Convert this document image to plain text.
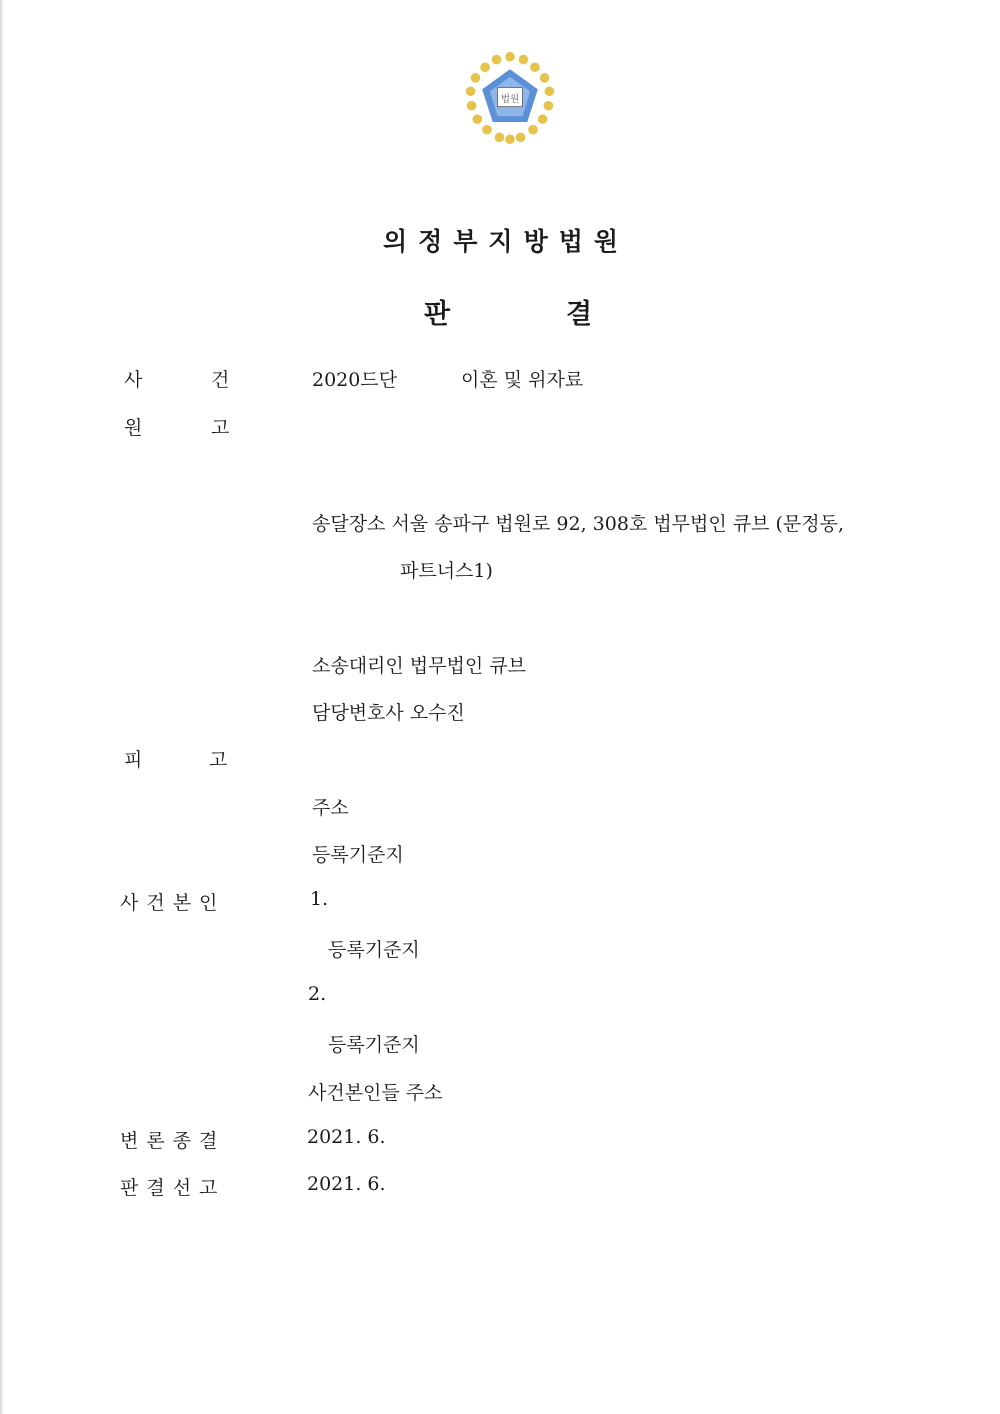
법원
의정부지방법원
판	결
사	건	2020드단	이혼 및 위자료
원	고
송달장소 서울 송파구 법원로 92, 308호 법무법인 큐브 (문정동,
파트너스1)
소송대리인 법무법인 큐브
담당변호사 오수진
피	고
주소
등록기준지
사건본인	1.
등록기준지
2.
등록기준지
사건본인들 주소
변론종결	2021. 6.
판결선고	2021. 6.
